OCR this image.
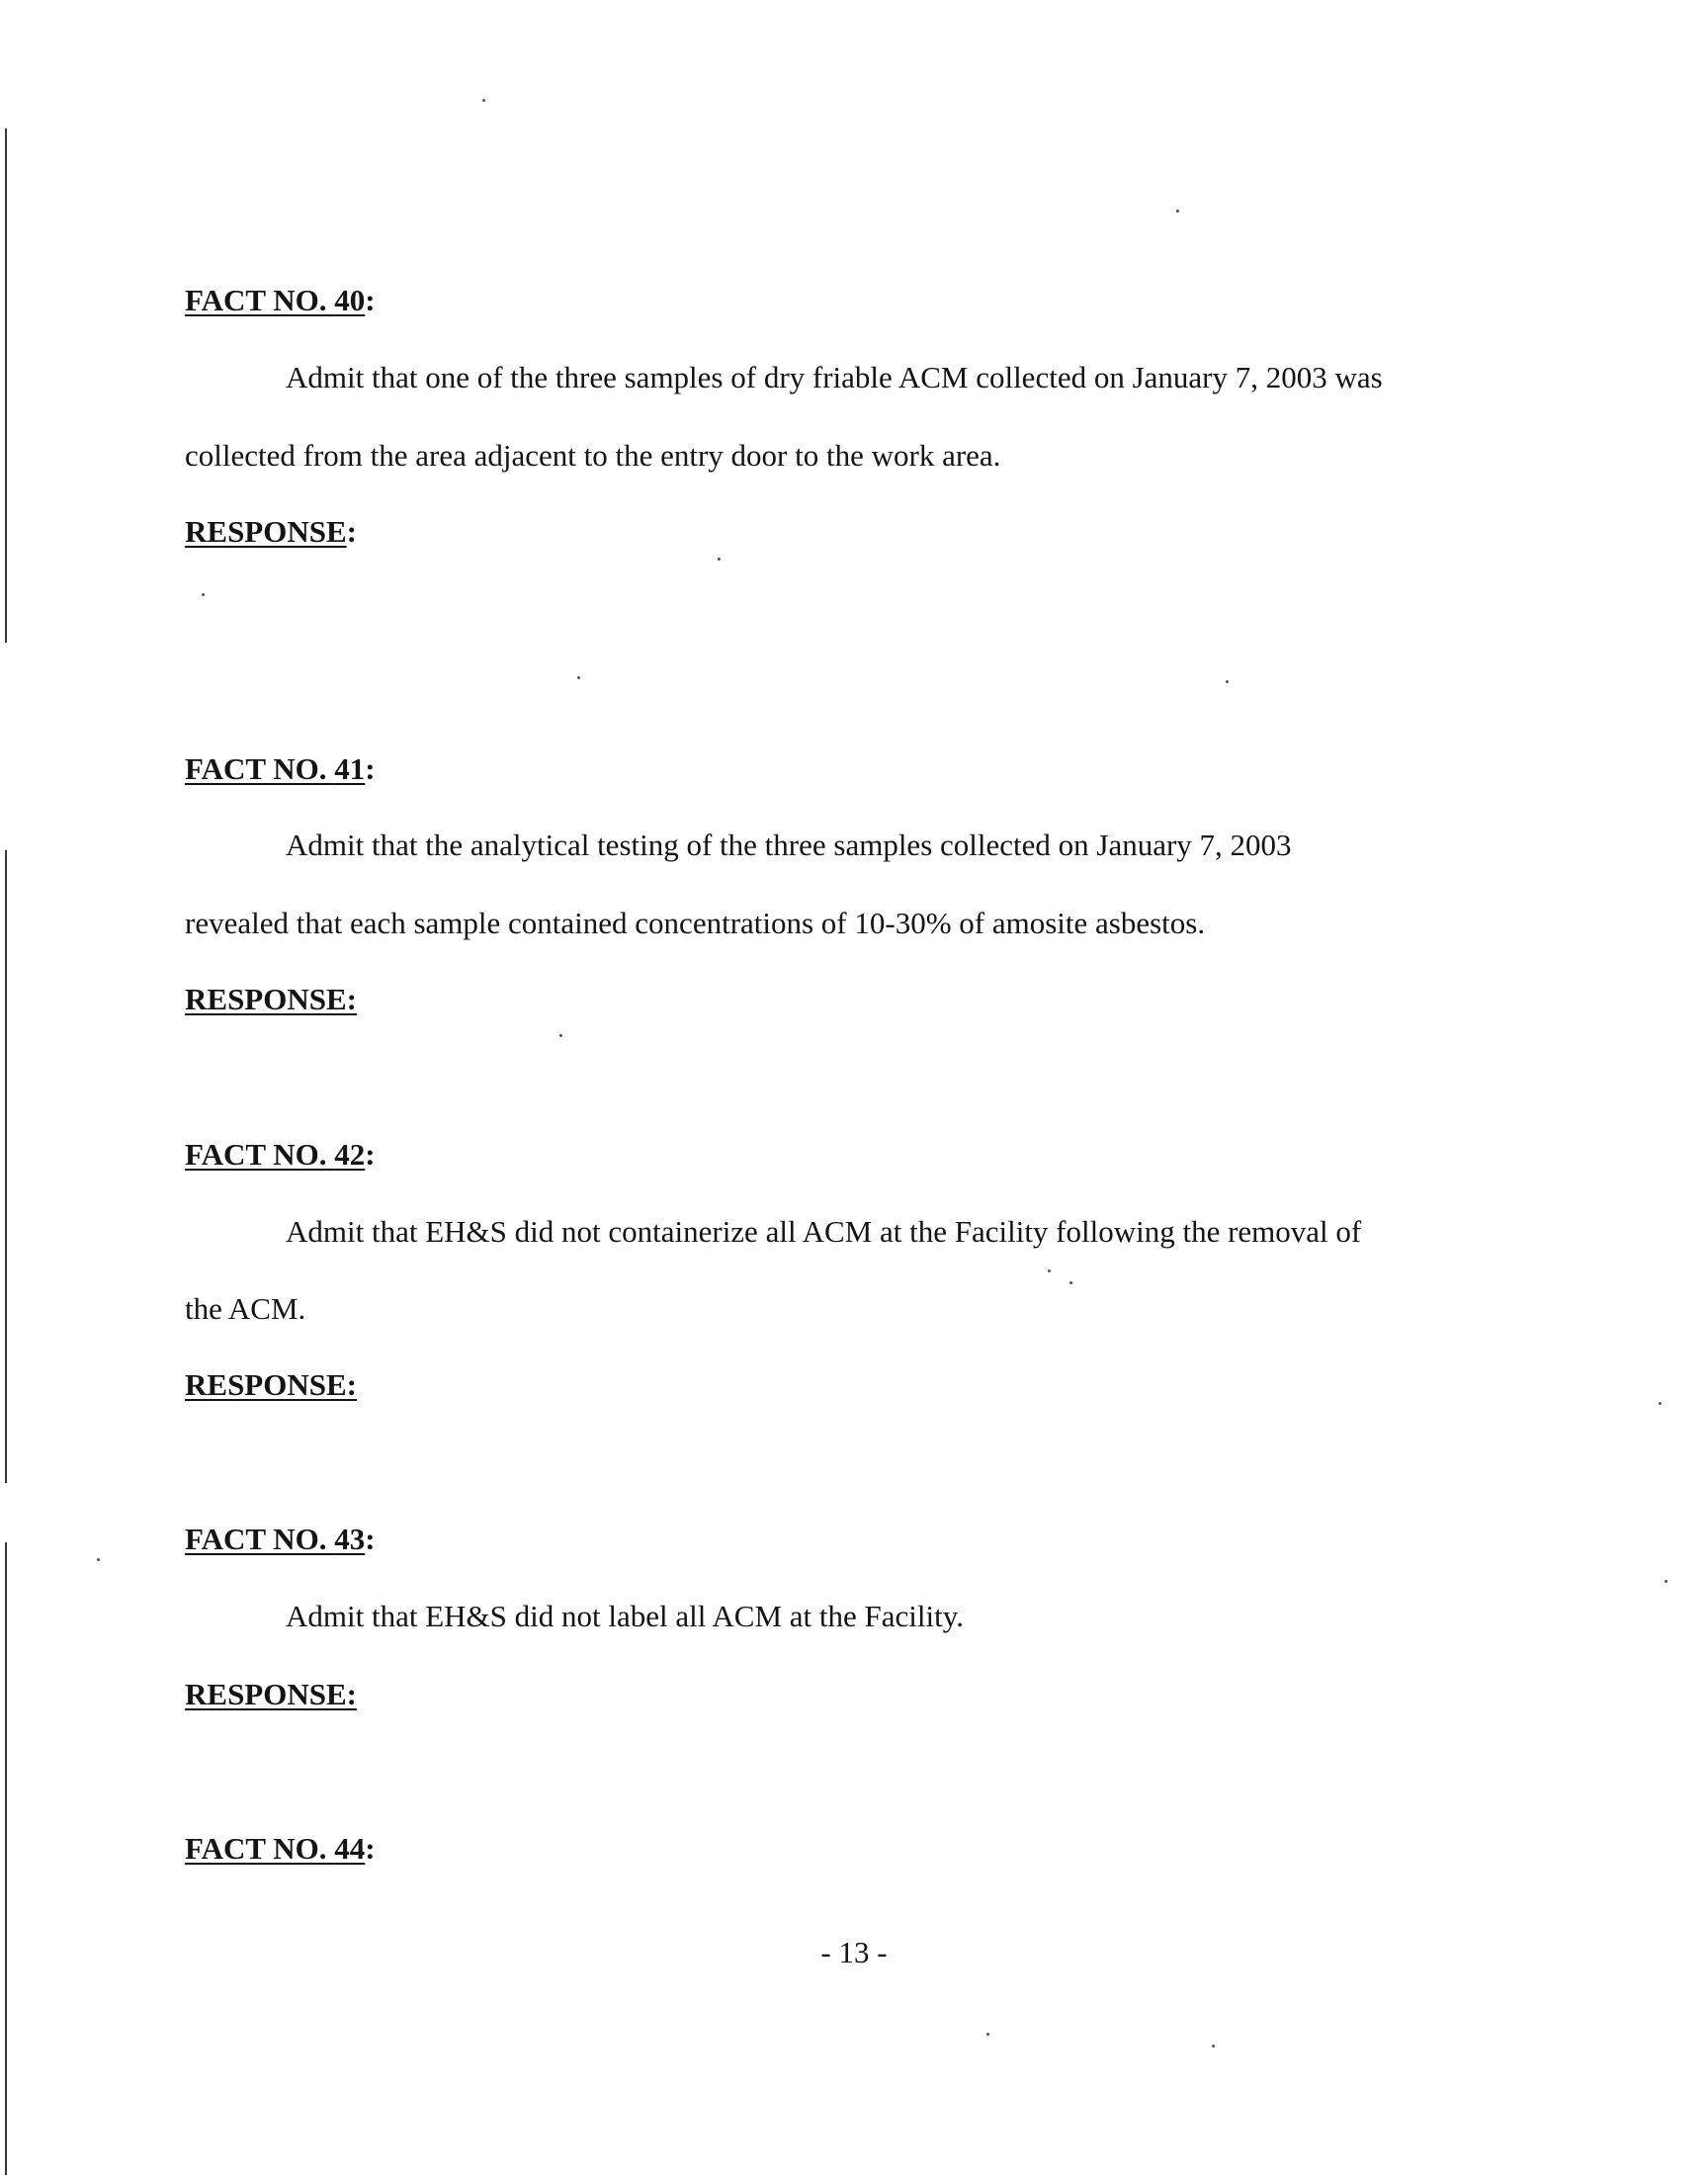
FACT NO. 40:
Admit that one of the three samples of dry friable ACM collected on January 7, 2003 was
collected from the area adjacent to the entry door to the work area.
RESPONSE:
FACT NO. 41:
Admit that the analytical testing of the three samples collected on January 7, 2003
revealed that each sample contained concentrations of 10-30% of amosite asbestos.
RESPONSE:
FACT NO. 42:
Admit that EH&S did not containerize all ACM at the Facility following the removal of
the ACM.
RESPONSE:
FACT NO. 43:
Admit that EH&S did not label all ACM at the Facility.
RESPONSE:
FACT NO. 44:
- 13 -
